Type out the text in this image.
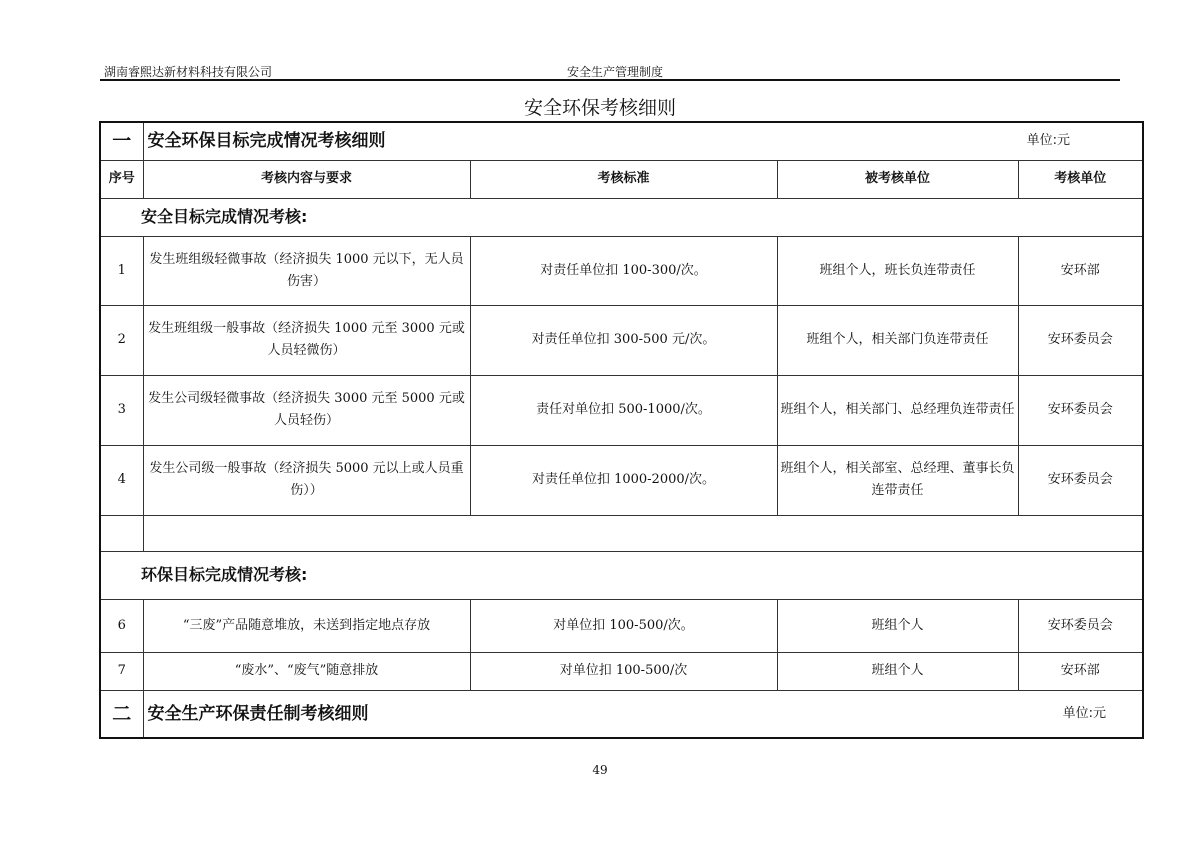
湖南睿熙达新材料科技有限公司	安全生产管理制度
安全环保考核细则
一	安全环保目标完成情况考核细则 单位:元			

序号	考核内容与要求	考核标准	被考核单位	考核单位
安全目标完成情况考核:				
1	发生班组级轻微事故（经济损失 1000 元以下，无人员伤害）	对责任单位扣 100-300/次。	班组个人，班长负连带责任	安环部
2	发生班组级一般事故（经济损失 1000 元至 3000 元或人员轻微伤）	对责任单位扣 300-500 元/次。	班组个人，相关部门负连带责任	安环委员会
3	发生公司级轻微事故（经济损失 3000 元至 5000 元或人员轻伤）	责任对单位扣 500-1000/次。	班组个人，相关部门、总经理负连带责任	安环委员会
4	发生公司级一般事故（经济损失 5000 元以上或人员重伤））	对责任单位扣 1000-2000/次。	班组个人，相关部室、总经理、董事长负连带责任	安环委员会

环保目标完成情况考核:				
6	“三废”产品随意堆放，未送到指定地点存放	对单位扣 100-500/次。	班组个人	安环委员会
7	“废水”、“废气”随意排放	对单位扣 100-500/次	班组个人	安环部
二	安全生产环保责任制考核细则 单位:元			
49
